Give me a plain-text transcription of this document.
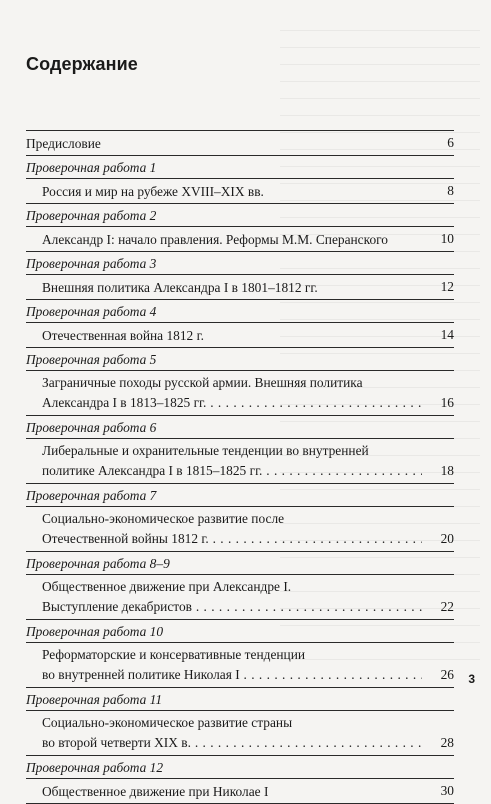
Содержание
Предисловие	6
Проверочная работа 1
Россия и мир на рубеже XVIII–XIX вв.	8
Проверочная работа 2
Александр I: начало правления. Реформы М.М. Сперанского	10
Проверочная работа 3
Внешняя политика Александра I в 1801–1812 гг.	12
Проверочная работа 4
Отечественная война 1812 г.	14
Проверочная работа 5
Заграничные походы русской армии. Внешняя политика
Александра I в 1813–1825 гг. . . .	16
Проверочная работа 6
Либеральные и охранительные тенденции во внутренней
политике Александра I в 1815–1825 гг. . . .	18
Проверочная работа 7
Социально-экономическое развитие после
Отечественной войны 1812 г. . . .	20
Проверочная работа 8–9
Общественное движение при Александре I.
Выступление декабристов . . .	22
Проверочная работа 10
Реформаторские и консервативные тенденции
во внутренней политике Николая I . . .	26
Проверочная работа 11
Социально-экономическое развитие страны
во второй четверти XIX в. . . .	28
Проверочная работа 12
Общественное движение при Николае I	30
3
